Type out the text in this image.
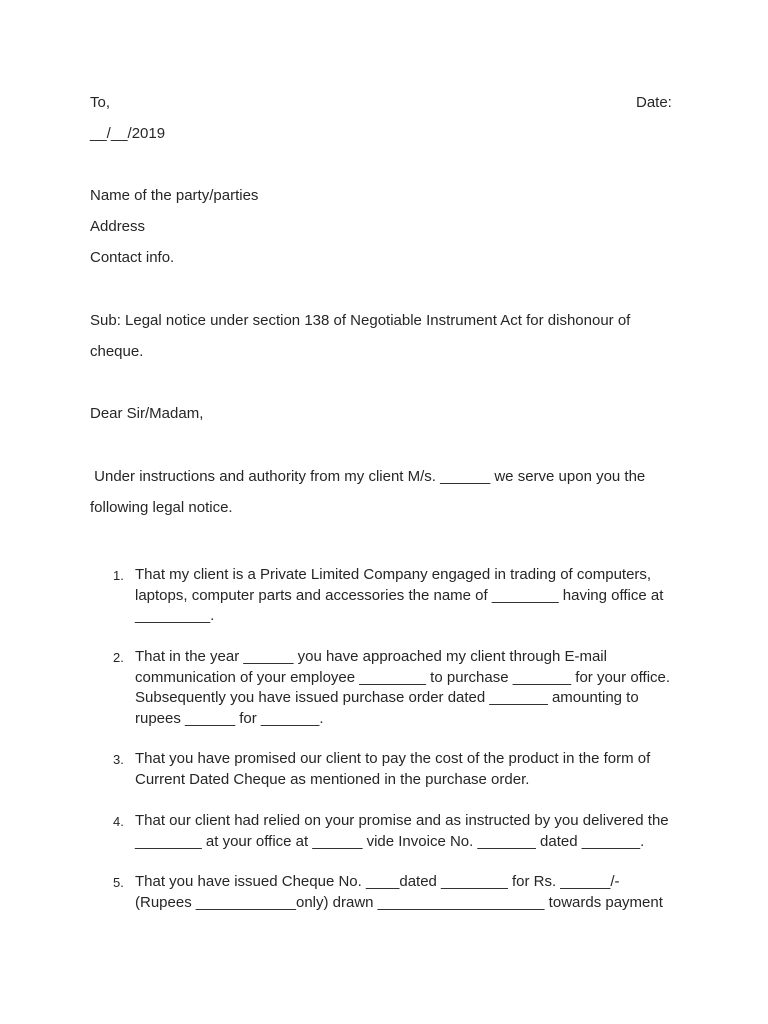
To,	Date:
__/__/2019
Name of the party/parties
Address
Contact info.
Sub: Legal notice under section 138 of Negotiable Instrument Act for dishonour of
cheque.
Dear Sir/Madam,
Under instructions and authority from my client M/s. ______ we serve upon you the
following legal notice.
1. That my client is a Private Limited Company engaged in trading of computers,
laptops, computer parts and accessories the name of ________ having office at
_________.
2. That in the year ______ you have approached my client through E-mail
communication of your employee ________ to purchase _______ for your office.
Subsequently you have issued purchase order dated _______ amounting to
rupees ______ for _______.
3. That you have promised our client to pay the cost of the product in the form of
Current Dated Cheque as mentioned in the purchase order.
4. That our client had relied on your promise and as instructed by you delivered the
________ at your office at ______ vide Invoice No. _______ dated _______.
5. That you have issued Cheque No. ____dated ________ for Rs. ______/-
(Rupees ____________only) drawn ____________________ towards payment
